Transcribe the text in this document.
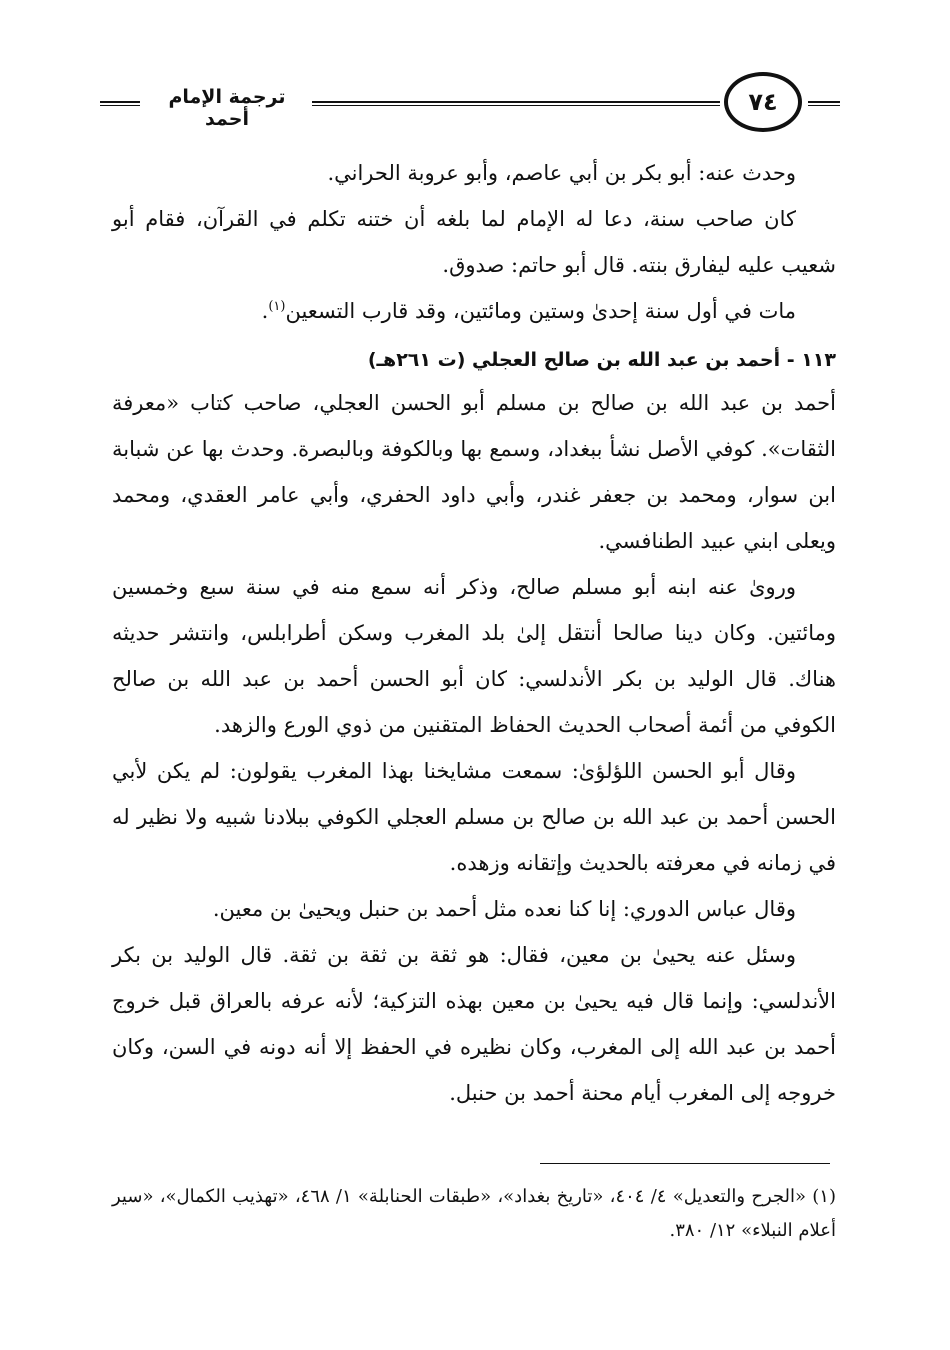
ترجمة الإمام أحمد
٧٤

وحدث عنه: أبو بكر بن أبي عاصم، وأبو عروبة الحراني.

كان صاحب سنة، دعا له الإمام لما بلغه أن ختنه تكلم في القرآن، فقام أبو شعيب عليه ليفارق بنته. قال أبو حاتم: صدوق.

مات في أول سنة إحدىٰ وستين ومائتين، وقد قارب التسعين$^{(١)}$.

١١٣ - أحمد بن عبد الله بن صالح العجلي (ت ٢٦١هـ)

أحمد بن عبد الله بن صالح بن مسلم أبو الحسن العجلي، صاحب كتاب «معرفة الثقات». كوفي الأصل نشأ ببغداد، وسمع بها وبالكوفة وبالبصرة. وحدث بها عن شبابة ابن سوار، ومحمد بن جعفر غندر، وأبي داود الحفري، وأبي عامر العقدي، ومحمد ويعلى ابني عبيد الطنافسي.

ورویٰ عنه ابنه أبو مسلم صالح، وذكر أنه سمع منه في سنة سبع وخمسين ومائتين. وكان دينا صالحا أنتقل إلىٰ بلد المغرب وسكن أطرابلس، وانتشر حديثه هناك. قال الوليد بن بكر الأندلسي: كان أبو الحسن أحمد بن عبد الله بن صالح الكوفي من أئمة أصحاب الحديث الحفاظ المتقنين من ذوي الورع والزهد.

وقال أبو الحسن اللؤلؤیٰ: سمعت مشايخنا بهذا المغرب يقولون: لم يكن لأبي الحسن أحمد بن عبد الله بن صالح بن مسلم العجلي الكوفي ببلادنا شبيه ولا نظير له في زمانه في معرفته بالحديث وإتقانه وزهده.

وقال عباس الدوري: إنا كنا نعده مثل أحمد بن حنبل ويحيىٰ بن معين.

وسئل عنه يحيىٰ بن معين، فقال: هو ثقة بن ثقة بن ثقة. قال الوليد بن بكر الأندلسي: وإنما قال فيه يحيىٰ بن معين بهذه التزكية؛ لأنه عرفه بالعراق قبل خروج أحمد بن عبد الله إلى المغرب، وكان نظيره في الحفظ إلا أنه دونه في السن، وكان خروجه إلى المغرب أيام محنة أحمد بن حنبل.

(١) «الجرح والتعديل» ٤/ ٤٠٤، «تاريخ بغداد»، «طبقات الحنابلة» ١/ ٤٦٨، «تهذيب الكمال»، «سير أعلام النبلاء» ١٢/ ٣٨٠.
